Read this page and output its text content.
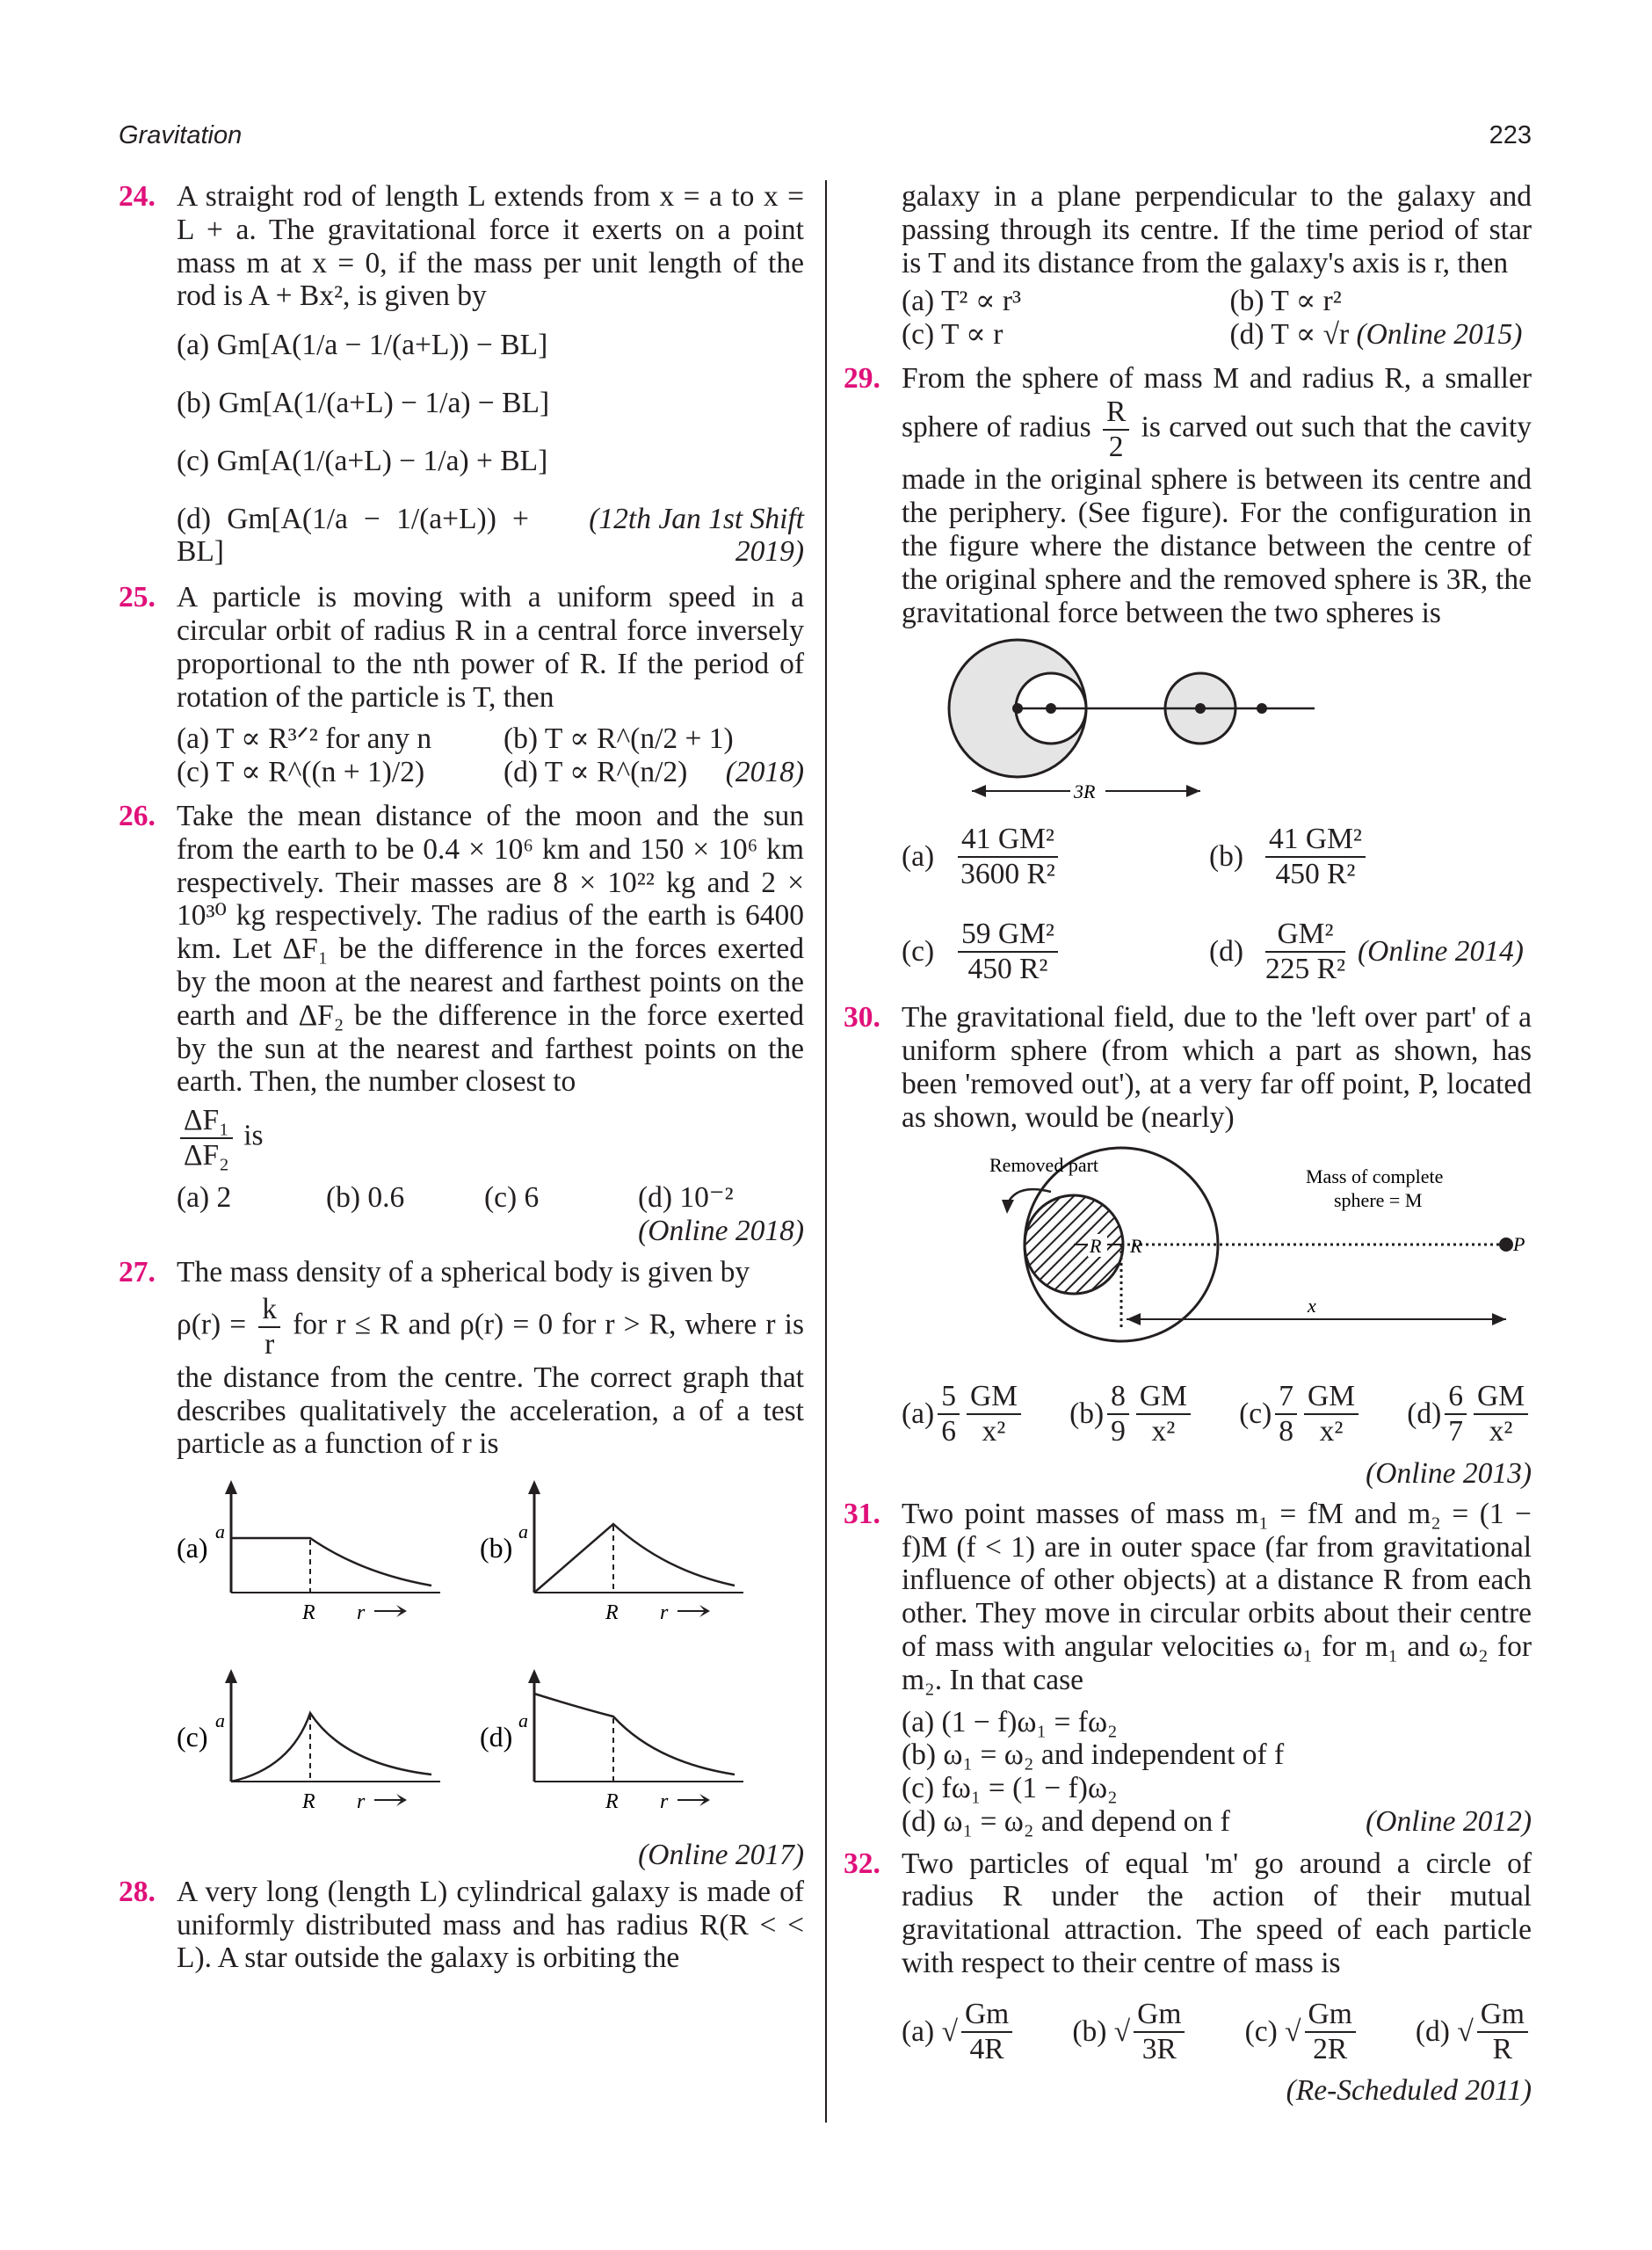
Gravitation	223
24. A straight rod of length L extends from x = a to x = L + a. The gravitational force it exerts on a point mass m at x = 0, if the mass per unit length of the rod is A + Bx², is given by
(a) Gm[A(1/a − 1/(a+L)) − BL]
(b) Gm[A(1/(a+L) − 1/a) − BL]
(c) Gm[A(1/(a+L) − 1/a) + BL]
(d) Gm[A(1/a − 1/(a+L)) + BL]
(12th Jan 1st Shift 2019)
25. A particle is moving with a uniform speed in a circular orbit of radius R in a central force inversely proportional to the nth power of R. If the period of rotation of the particle is T, then
(a) T ∝ R³ᐟ² for any n	(b) T ∝ R^(n/2 + 1)
(c) T ∝ R^((n + 1)/2)	(d) T ∝ R^(n/2) (2018)
26. Take the mean distance of the moon and the sun from the earth to be 0.4 × 10⁶ km and 150 × 10⁶ km respectively. Their masses are 8 × 10²² kg and 2 × 10³⁰ kg respectively. The radius of the earth is 6400 km. Let ΔF₁ be the difference in the forces exerted by the moon at the nearest and farthest points on the earth and ΔF₂ be the difference in the force exerted by the sun at the nearest and farthest points on the earth. Then, the number closest to
$\frac{\text{ΔF₁}}{\text{ΔF₂}}$ is
(a) 2	(b) 0.6	(c) 6	(d) 10⁻²
(Online 2018)
27. The mass density of a spherical body is given by
$\rho(r) = \frac{k}{r}$ for r ≤ R and ρ(r) = 0 for r > R, where r is the distance from the centre. The correct graph that describes qualitatively the acceleration, a of a test particle as a function of r is
(a)
a
R r
(b)
a
R r
(c)
a
R r
(d)
a
R r
(Online 2017)
28. A very long (length L) cylindrical galaxy is made of uniformly distributed mass and has radius R(R < < L). A star outside the galaxy is orbiting the
galaxy in a plane perpendicular to the galaxy and passing through its centre. If the time period of star is T and its distance from the galaxy's axis is r, then
(a) T² ∝ r³	(b) T ∝ r²
(c) T ∝ r	(d) T ∝ √r (Online 2015)
29. From the sphere of mass M and radius R, a smaller sphere of radius $\frac{R}{2}$ is carved out such that the cavity made in the original sphere is between its centre and the periphery. (See figure). For the configuration in the figure where the distance between the centre of the original sphere and the removed sphere is 3R, the gravitational force between the two spheres is
3R
$(a) \frac{\text{41 GM²}}{\text{3600 R²}}$	$(b) \frac{\text{41 GM²}}{\text{450 R²}}$
$(c) \frac{\text{59 GM²}}{\text{450 R²}}$	$(d) \frac{\text{GM²}}{\text{225 R²}}$ (Online 2014)
30. The gravitational field, due to the 'left over part' of a uniform sphere (from which a part as shown, has been 'removed out'), at a very far off point, P, located as shown, would be (nearly)
R R
Removed part
Mass of complete
sphere = M
P
x
$(a) \frac{5}{6} \frac{GM}{\text{x²}} (b) \frac{8}{9} \frac{GM}{\text{x²}} (c) \frac{7}{8} \frac{GM}{\text{x²}} (d) \frac{6}{7} \frac{GM}{\text{x²}}$
(Online 2013)
31. Two point masses of mass m₁ = fM and m₂ = (1 − f)M (f < 1) are in outer space (far from gravitational influence of other objects) at a distance R from each other. They move in circular orbits about their centre of mass with angular velocities ω₁ for m₁ and ω₂ for m₂. In that case
(a) (1 − f)ω₁ = fω₂
(b) ω₁ = ω₂ and independent of f
(c) fω₁ = (1 − f)ω₂
(d) ω₁ = ω₂ and depend on f	(Online 2012)
32. Two particles of equal 'm' go around a circle of radius R under the action of their mutual gravitational attraction. The speed of each particle with respect to their centre of mass is
(a)
√ $\frac{Gm}{4R} (b)$
√ $\frac{Gm}{3R} (c)$
√ $\frac{Gm}{2R} (d)$
√ $\frac{Gm}{R}$
(Re-Scheduled 2011)
